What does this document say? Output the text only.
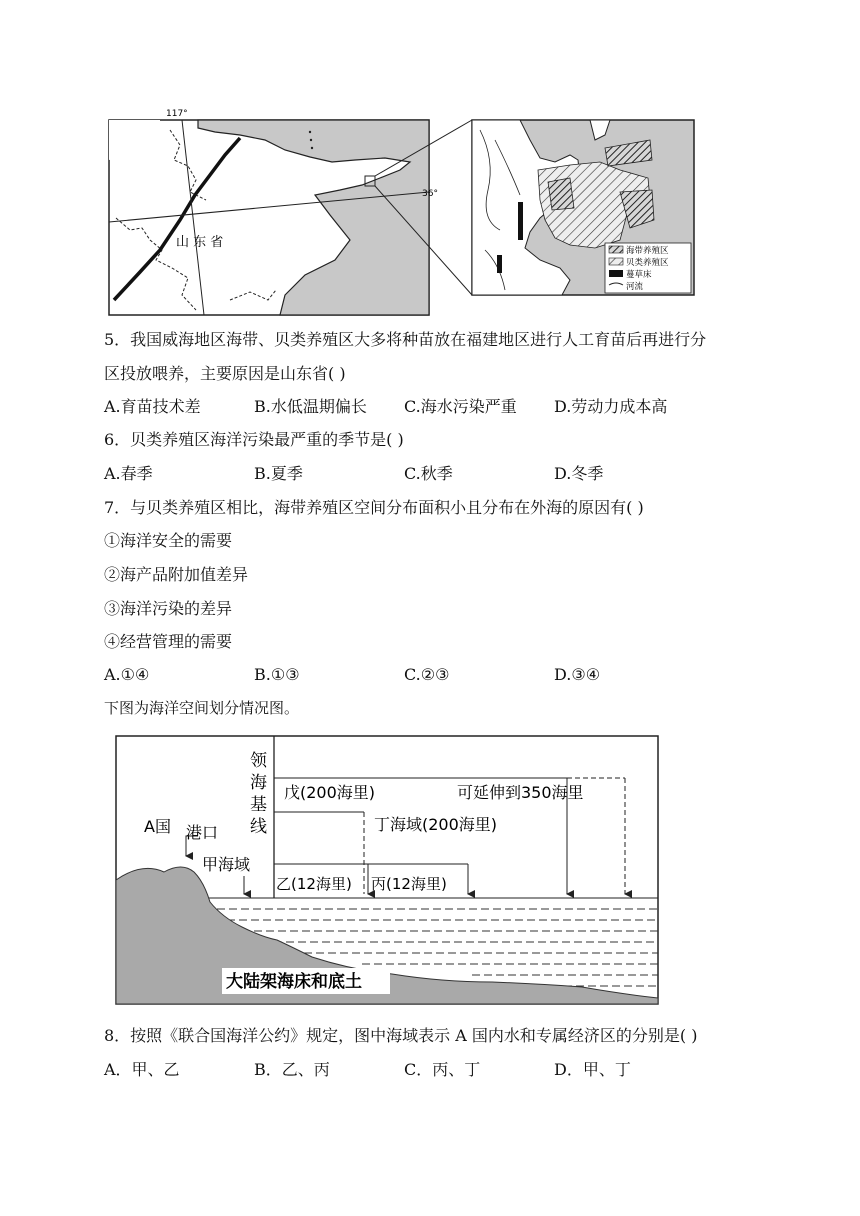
117°
36°
山 东 省
海带养殖区
贝类养殖区
蔓草床
河流
5．我国威海地区海带、贝类养殖区大多将种苗放在福建地区进行人工育苗后再进行分
区投放喂养，主要原因是山东省( )
A.育苗技术差	B.水低温期偏长 C.海水污染严重 D.劳动力成本高
6．贝类养殖区海洋污染最严重的季节是( )
A.春季	B.夏季	C.秋季	D.冬季
7．与贝类养殖区相比，海带养殖区空间分布面积小且分布在外海的原因有( )
①海洋安全的需要
②海产品附加值差异
③海洋污染的差异
④经营管理的需要
A.①④	B.①③	C.②③	D.③④
下图为海洋空间划分情况图。
领
海
基
线
A国 港口
甲海域
戊(200海里)	可延伸到350海里
丁海域(200海里)
乙(12海里) 丙(12海里)
大陆架海床和底土
8．按照《联合国海洋公约》规定，图中海域表示 A 国内水和专属经济区的分别是( )
A．甲、乙	B．乙、丙	C．丙、丁	D．甲、丁
